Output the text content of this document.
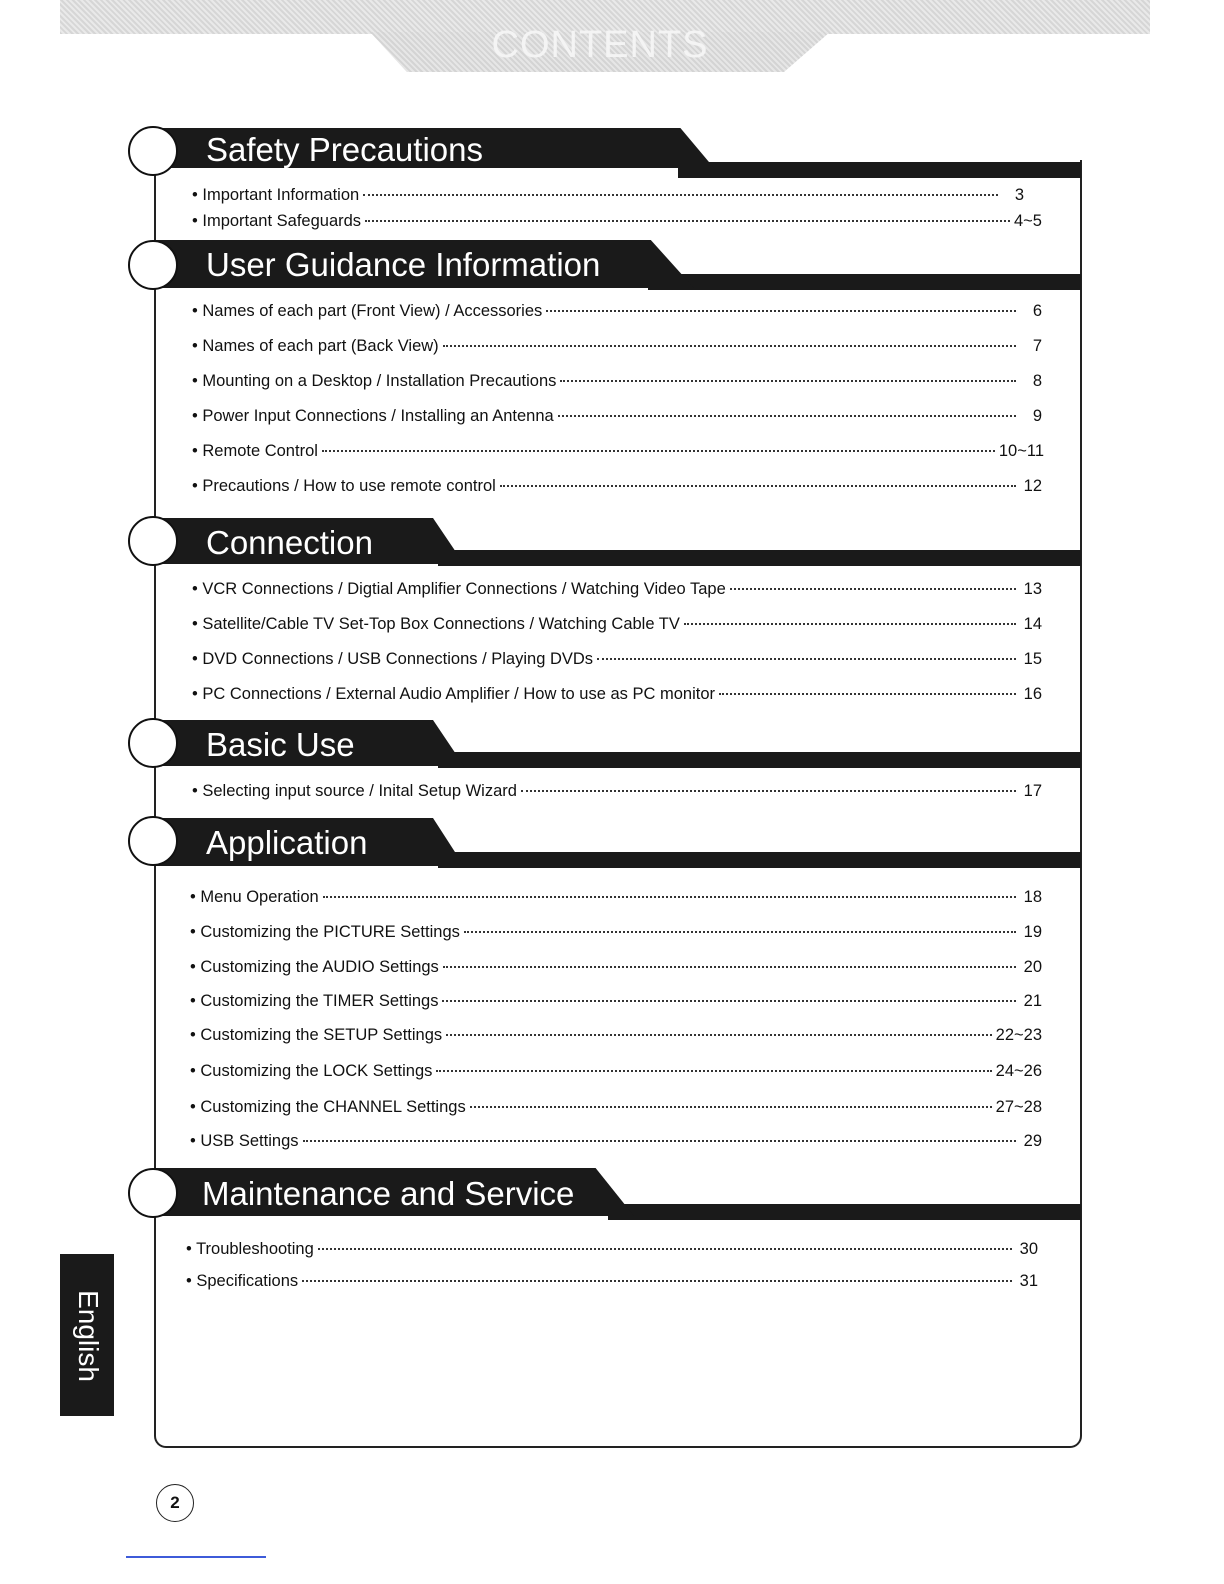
CONTENTS
Safety Precautions
• Important Information	3
• Important Safeguards	4~5
User Guidance Information
• Names of each part (Front View) / Accessories	6
• Names of each part (Back View)	7
• Mounting on a Desktop / Installation Precautions	8
• Power Input Connections / Installing an Antenna	9
• Remote Control	10~11
• Precautions / How to use remote control	12
Connection
• VCR Connections / Digtial Amplifier Connections / Watching Video Tape	13
• Satellite/Cable TV Set-Top Box Connections / Watching Cable TV	14
• DVD Connections / USB Connections / Playing DVDs	15
• PC Connections / External Audio Amplifier / How to use as PC monitor	16
Basic Use
• Selecting input source / Inital Setup Wizard	17
Application
• Menu Operation	18
• Customizing the PICTURE Settings	19
• Customizing the AUDIO Settings	20
• Customizing the TIMER Settings	21
• Customizing the SETUP Settings	22~23
• Customizing the LOCK Settings	24~26
• Customizing the CHANNEL Settings	27~28
• USB Settings	29
Maintenance and Service
• Troubleshooting	30
• Specifications	31
English
2
